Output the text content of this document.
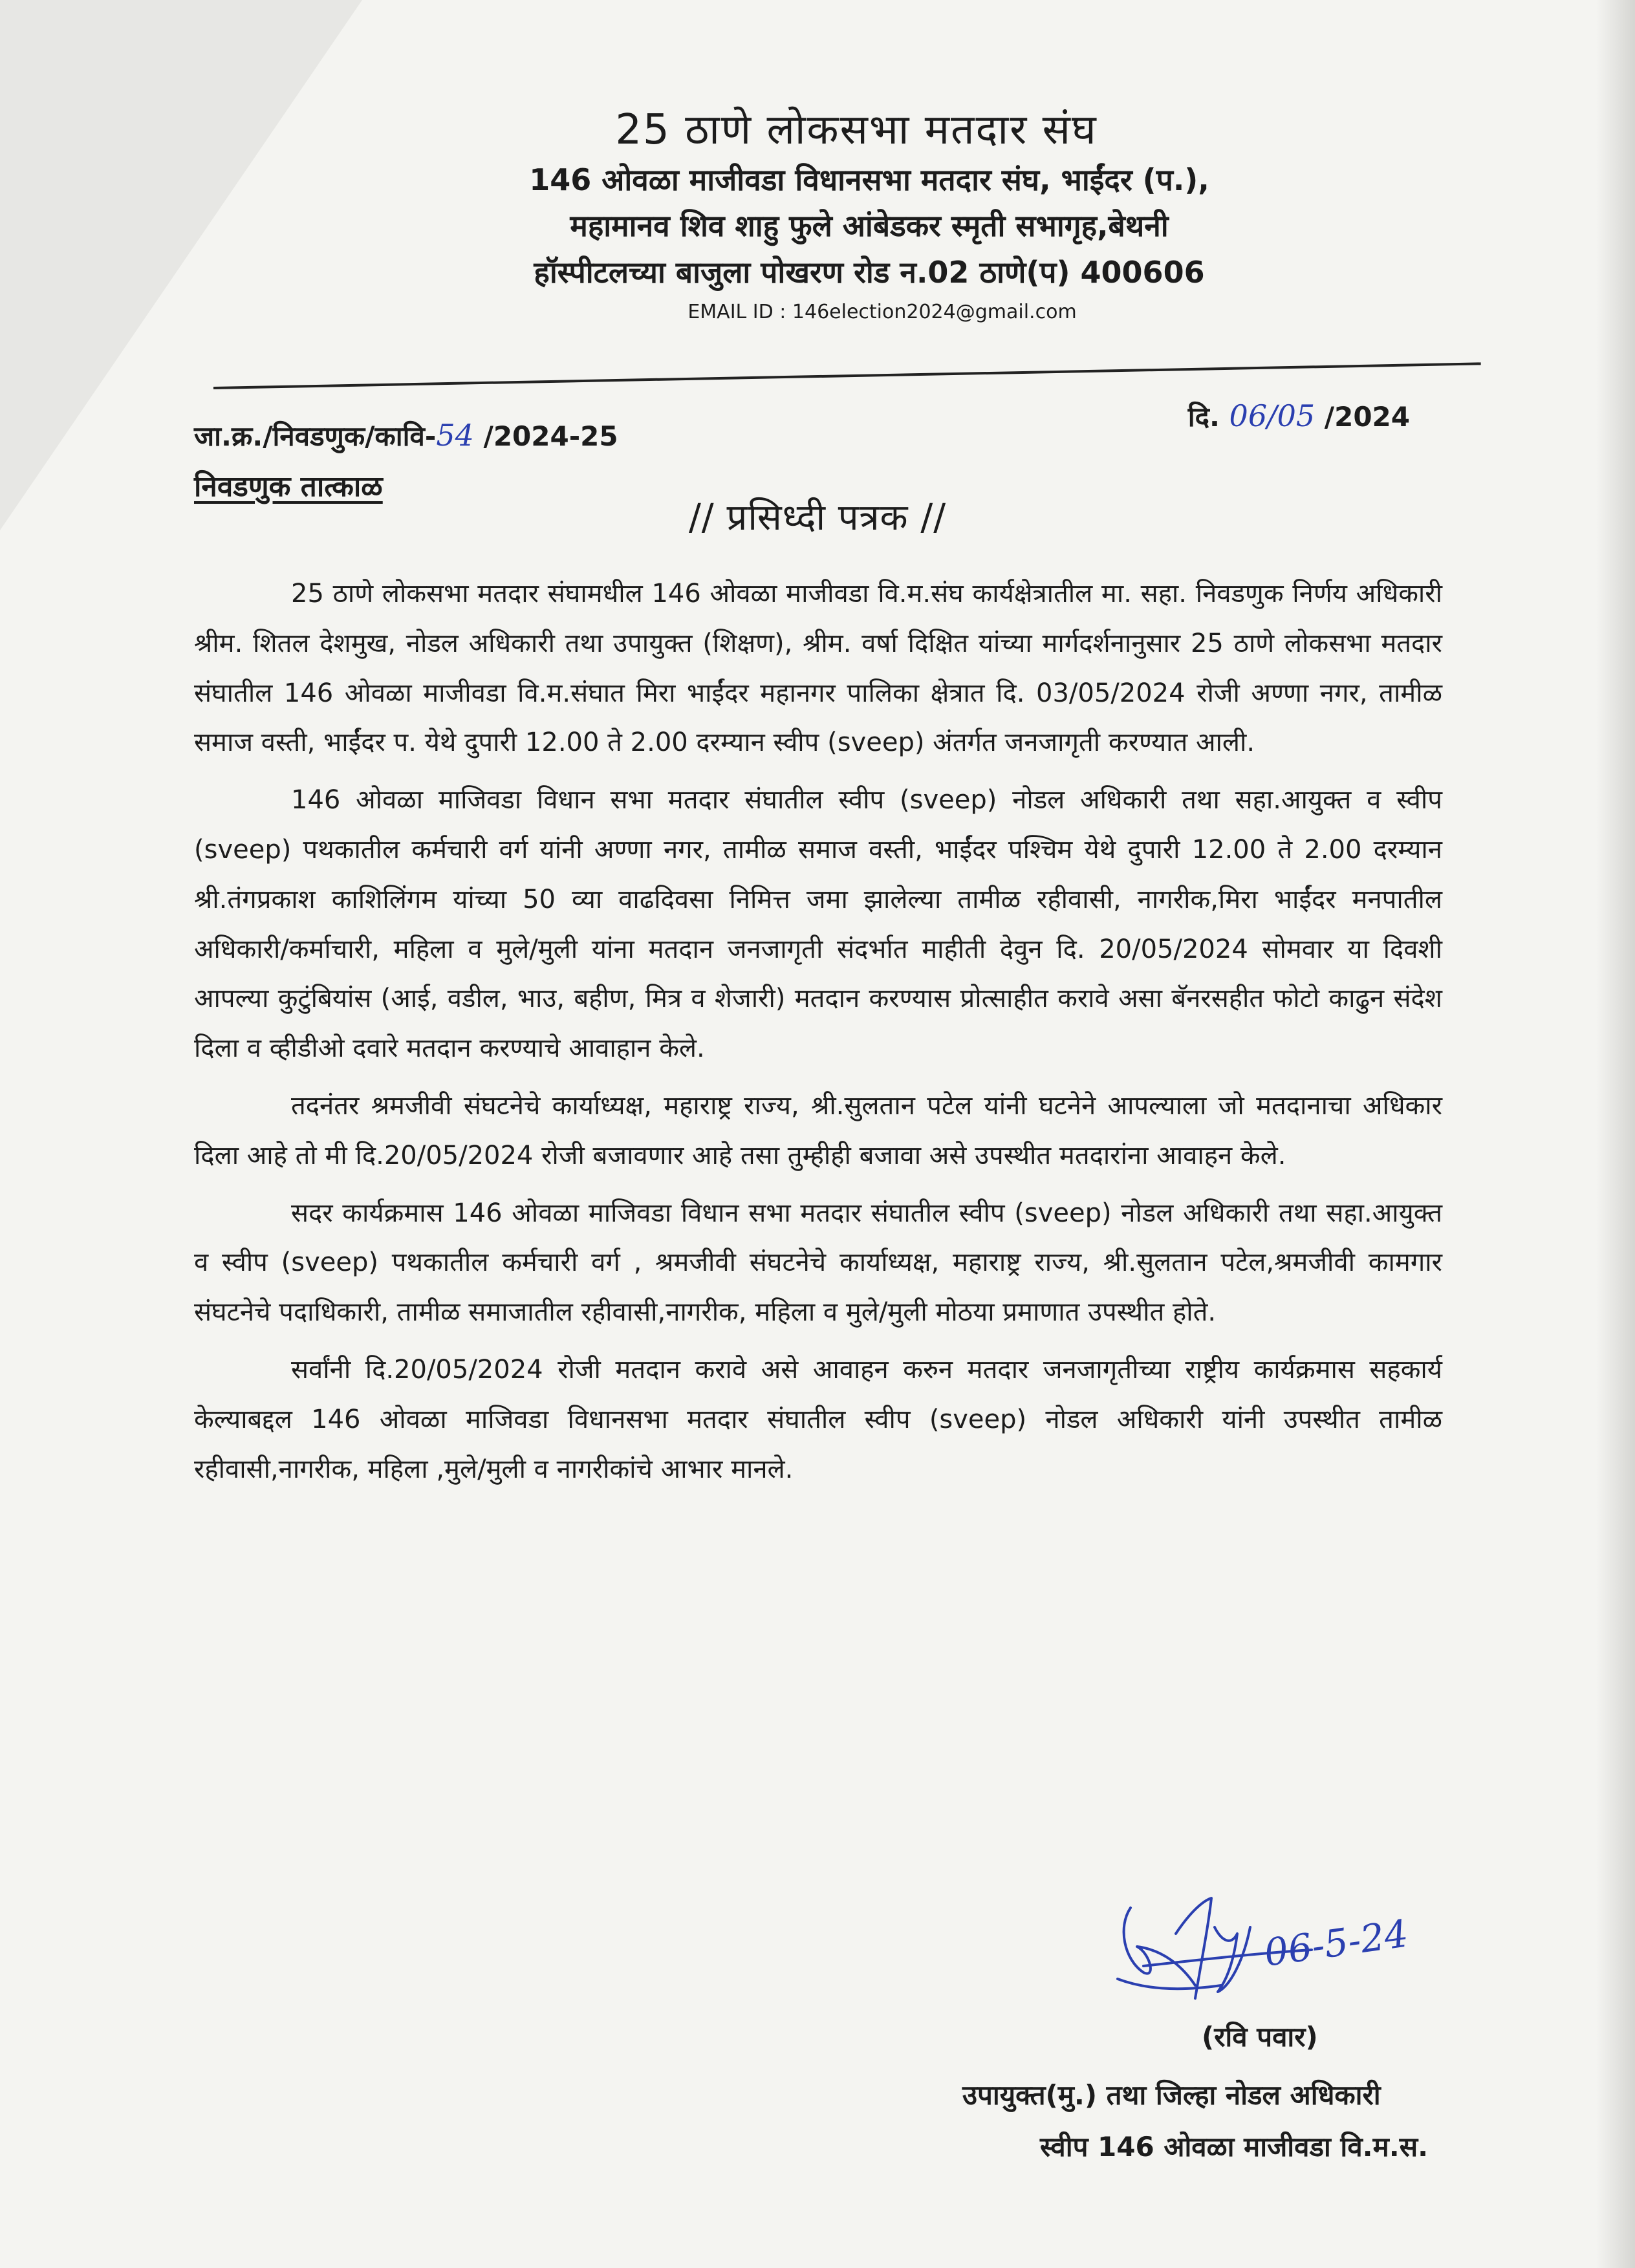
25 ठाणे लोकसभा मतदार संघ
146 ओवळा माजीवडा विधानसभा मतदार संघ, भाईंदर (प.),
महामानव शिव शाहु फुले आंबेडकर स्मृती सभागृह,बेथनी
हॉस्पीटलच्या बाजुला पोखरण रोड न.02 ठाणे(प) 400606
EMAIL ID : 146election2024@gmail.com
जा.क्र./निवडणुक/कावि-54 /2024-25
दि. 06/05 /2024
निवडणुक तात्काळ
// प्रसिध्दी पत्रक //

25 ठाणे लोकसभा मतदार संघामधील 146 ओवळा माजीवडा वि.म.संघ कार्यक्षेत्रातील मा. सहा. निवडणुक निर्णय अधिकारी श्रीम. शितल देशमुख, नोडल अधिकारी तथा उपायुक्त (शिक्षण), श्रीम. वर्षा दिक्षित यांच्या मार्गदर्शनानुसार 25 ठाणे लोकसभा मतदार संघातील 146 ओवळा माजीवडा वि.म.संघात मिरा भाईंदर महानगर पालिका क्षेत्रात दि. 03/05/2024 रोजी अण्णा नगर, तामीळ समाज वस्ती, भाईंदर प. येथे दुपारी 12.00 ते 2.00 दरम्यान स्वीप (sveep) अंतर्गत जनजागृती करण्यात आली.

146 ओवळा माजिवडा विधान सभा मतदार संघातील स्वीप (sveep) नोडल अधिकारी तथा सहा.आयुक्त व स्वीप (sveep) पथकातील कर्मचारी वर्ग यांनी अण्णा नगर, तामीळ समाज वस्ती, भाईंदर पश्चिम येथे दुपारी 12.00 ते 2.00 दरम्यान श्री.तंगप्रकाश काशिलिंगम यांच्या 50 व्या वाढदिवसा निमित्त जमा झालेल्या तामीळ रहीवासी, नागरीक,मिरा भाईंदर मनपातील अधिकारी/कर्माचारी, महिला व मुले/मुली यांना मतदान जनजागृती संदर्भात माहीती देवुन दि. 20/05/2024 सोमवार या दिवशी आपल्या कुटुंबियांस (आई, वडील, भाउ, बहीण, मित्र व शेजारी) मतदान करण्यास प्रोत्साहीत करावे असा बॅनरसहीत फोटो काढुन संदेश दिला व व्हीडीओ दवारे मतदान करण्याचे आवाहान केले.

तदनंतर श्रमजीवी संघटनेचे कार्याध्यक्ष, महाराष्ट्र राज्य, श्री.सुलतान पटेल यांनी घटनेने आपल्याला जो मतदानाचा अधिकार दिला आहे तो मी दि.20/05/2024 रोजी बजावणार आहे तसा तुम्हीही बजावा असे उपस्थीत मतदारांना आवाहन केले.

सदर कार्यक्रमास 146 ओवळा माजिवडा विधान सभा मतदार संघातील स्वीप (sveep) नोडल अधिकारी तथा सहा.आयुक्त व स्वीप (sveep) पथकातील कर्मचारी वर्ग , श्रमजीवी संघटनेचे कार्याध्यक्ष, महाराष्ट्र राज्य, श्री.सुलतान पटेल,श्रमजीवी कामगार संघटनेचे पदाधिकारी, तामीळ समाजातील रहीवासी,नागरीक, महिला व मुले/मुली मोठया प्रमाणात उपस्थीत होते.

सर्वांनी दि.20/05/2024 रोजी मतदान करावे असे आवाहन करुन मतदार जनजागृतीच्या राष्ट्रीय कार्यक्रमास सहकार्य केल्याबद्दल 146 ओवळा माजिवडा विधानसभा मतदार संघातील स्वीप (sveep) नोडल अधिकारी यांनी उपस्थीत तामीळ रहीवासी,नागरीक, महिला ,मुले/मुली व नागरीकांचे आभार मानले.

06-5-24
(रवि पवार)
उपायुक्त(मु.) तथा जिल्हा नोडल अधिकारी
स्वीप 146 ओवळा माजीवडा वि.म.स.
